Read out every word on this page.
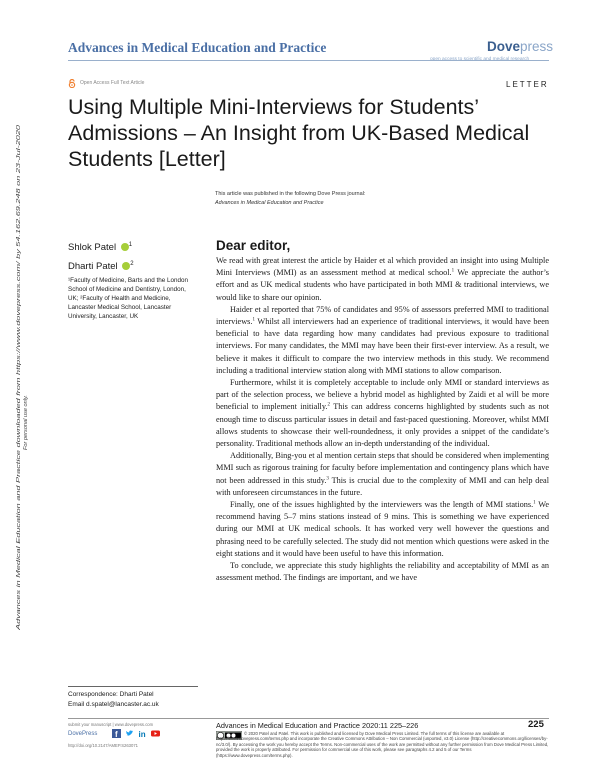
Advances in Medical Education and Practice	Dovepress
Open Access Full Text Article	LETTER
Using Multiple Mini-Interviews for Students’ Admissions – An Insight from UK-Based Medical Students [Letter]
This article was published in the following Dove Press journal:
Advances in Medical Education and Practice
Advances in Medical Education and Practice downloaded from https://www.dovepress.com/ by 54.162.69.248 on 23-Jul-2020 For personal use only.
Shlok Patel $^1$
Dharti Patel $^2$
¹Faculty of Medicine, Barts and the London School of Medicine and Dentistry, London, UK; ²Faculty of Health and Medicine, Lancaster Medical School, Lancaster University, Lancaster, UK
Dear editor,

We read with great interest the article by Haider et al which provided an insight into using Multiple Mini Interviews (MMI) as an assessment method at medical school.$^1$ We appreciate the author’s effort and as UK medical students who have participated in both MMI & traditional interviews, we would like to share our opinion.

Haider et al reported that 75% of candidates and 95% of assessors preferred MMI to traditional interviews.$^1$ Whilst all interviewers had an experience of traditional interviews, it would have been beneficial to have data regarding how many candidates had previous exposure to traditional interviews. For many candidates, the MMI may have been their first-ever interview. As a result, we believe it makes it difficult to compare the two interview methods in this study. We recommend including a traditional interview station along with MMI stations to allow comparison.

Furthermore, whilst it is completely acceptable to include only MMI or standard interviews as part of the selection process, we believe a hybrid model as highlighted by Zaidi et al will be more beneficial to implement initially.$^2$ This can address concerns highlighted by students such as not enough time to discuss particular issues in detail and fast-paced questioning. Moreover, whilst MMI allows students to showcase their well-roundedness, it only provides a snippet of the candidate’s personality. Traditional methods allow an in-depth understanding of the individual.

Additionally, Bing-you et al mention certain steps that should be considered when implementing MMI such as rigorous training for faculty before implementation and contingency plans which have not been addressed in this study.$^3$ This is crucial due to the complexity of MMI and can help deal with unforeseen circumstances in the future.

Finally, one of the issues highlighted by the interviewers was the length of MMI stations.$^1$ We recommend having 5–7 mins stations instead of 9 mins. This is something we have experienced during our MMI at UK medical schools. It has worked very well however the questions and phrasing need to be carefully selected. The study did not mention which questions were asked in the eight stations and it would have been useful to have this information.

To conclude, we appreciate this study highlights the reliability and acceptability of MMI as an assessment method. The findings are important, and we have

Correspondence: Dharti Patel
Email d.spatel@lancaster.ac.uk
submit your manuscript | www.dovepress.com
DovePress f	in
http://doi.org/10.2147/AMEP.S263071
Advances in Medical Education and Practice 2020:11 225–226	225
© 2020 Patel and Patel. This work is published and licensed by Dove Medical Press Limited. The full terms of this license are available at https://www.dovepress.com/terms.php and incorporate the Creative Commons Attribution – Non Commercial (unported, v3.0) License (http://creativecommons.org/licenses/by-nc/3.0/). By accessing the work you hereby accept the Terms. Non-commercial uses of the work are permitted without any further permission from Dove Medical Press Limited, provided the work is properly attributed. For permission for commercial use of this work, please see paragraphs 4.2 and 5 of our Terms (https://www.dovepress.com/terms.php).
